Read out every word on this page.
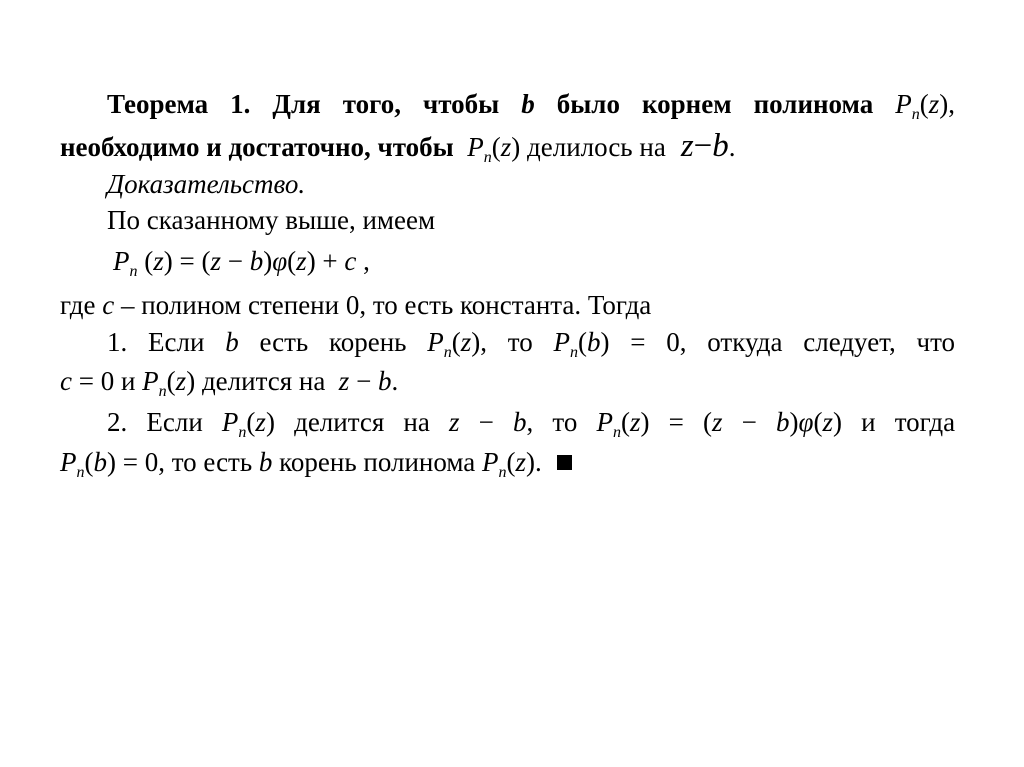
Теорема 1. Для того, чтобы b было корнем полинома $P_n(z)$,
необходимо и достаточно, чтобы  $P_n(z)$ делилось на  z−b.
Доказательство.
По сказанному выше, имеем
$P_n$ (z) = (z − b)φ(z) + c ,
где c – полином степени 0, то есть константа. Тогда
1. Если b есть корень $P_n(z)$, то $P_n(b) = 0$, откуда следует, что
c = 0 и $P_n(z)$ делится на  z − b.
2. Если $P_n(z)$ делится на z − b, то $P_n(z) = (z - b)\varphi(z)$ и тогда
$P_n(b) = 0$, то есть b корень полинома $P_n(z)$.
